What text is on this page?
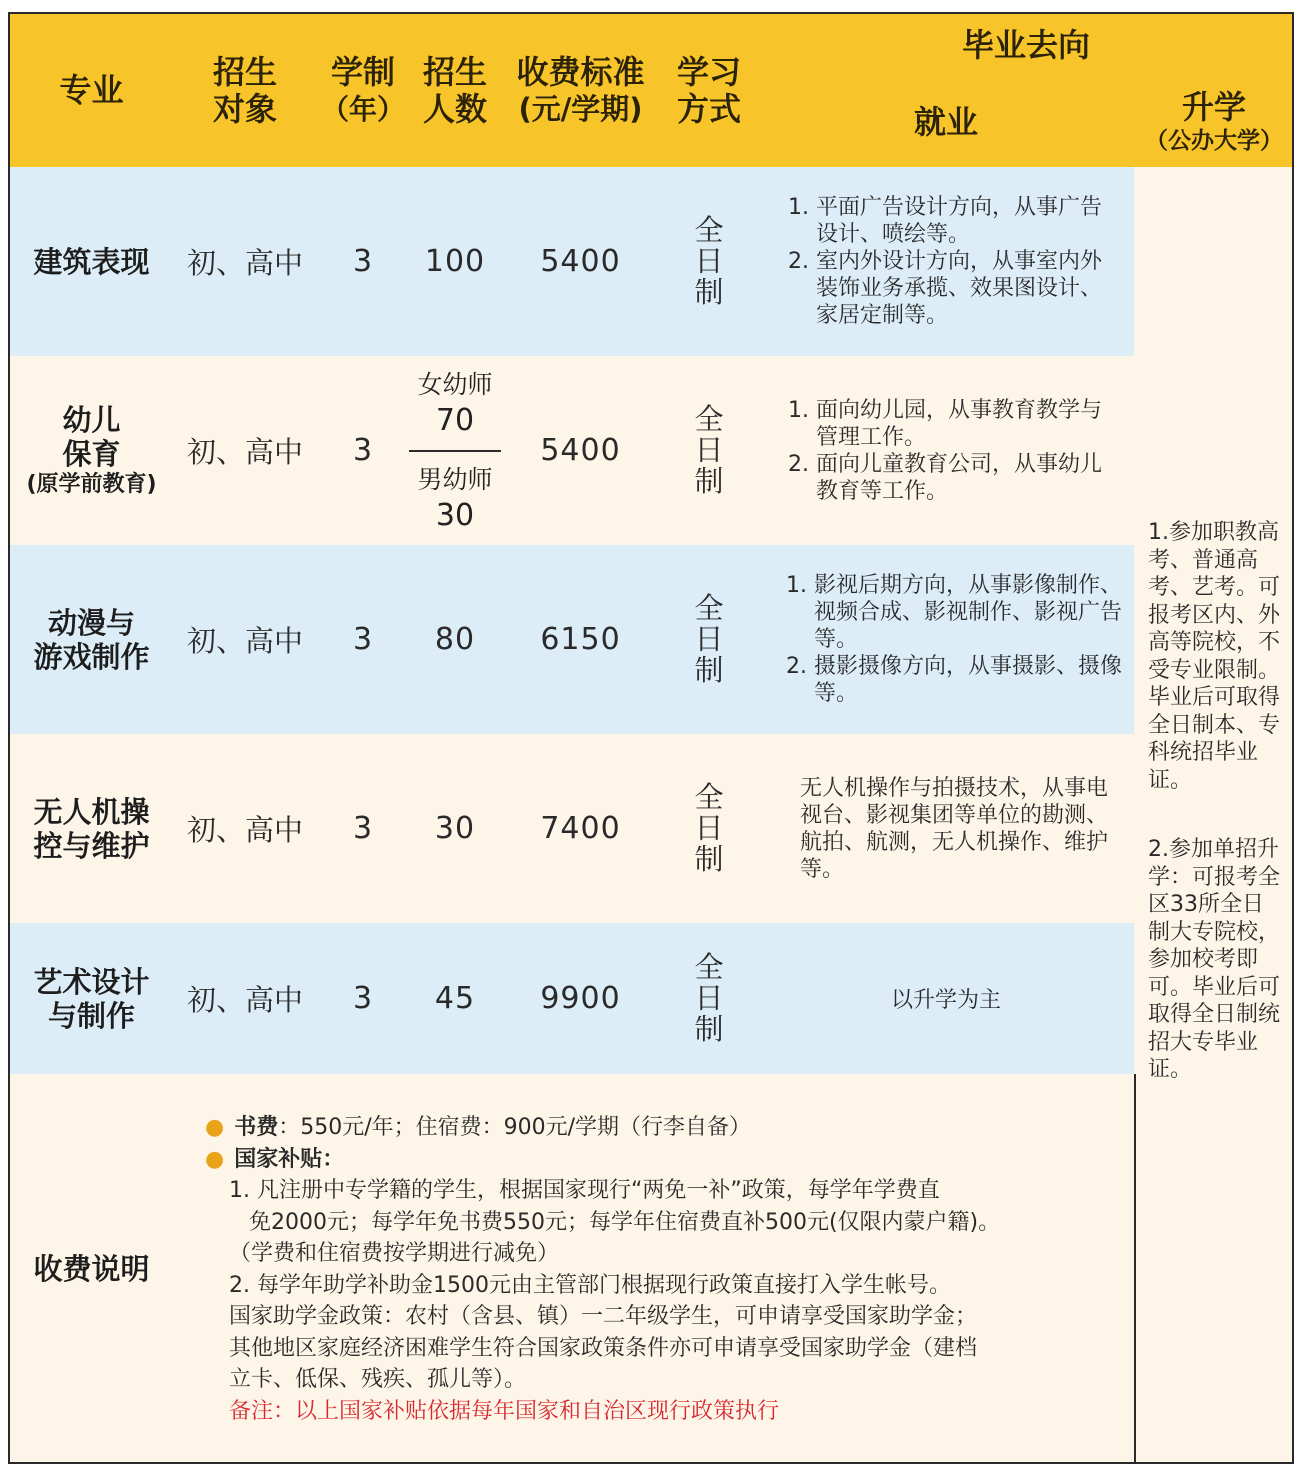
专业	招生
对象
学制
（年）
招生
人数
收费标准
(元/学期)
学习
方式
毕业去向
就业	升学
（公办大学）
建筑表现 初、高中 3 100 5400
全
日
制
1. 平面广告设计方向，从事广告设计、喷绘等。
2. 室内外设计方向，从事室内外装饰业务承揽、效果图设计、家居定制等。
幼儿
保育
(原学前教育)
初、高中 3
女幼师
70
男幼师
30
5400
全
日
制
1. 面向幼儿园，从事教育教学与管理工作。
2. 面向儿童教育公司，从事幼儿教育等工作。
动漫与
游戏制作 初、高中 3 80 6150
全
日
制
1. 影视后期方向，从事影像制作、视频合成、影视制作、影视广告等。
2. 摄影摄像方向，从事摄影、摄像等。
无人机操
控与维护 初、高中 3 30 7400
全
日
制
无人机操作与拍摄技术，从事电视台、影视集团等单位的勘测、航拍、航测，无人机操作、维护等。
艺术设计
与制作 初、高中 3 45 9900
全
日
制
以升学为主

1.参加职教高考、普通高考、艺考。可报考区内、外高等院校，不受专业限制。毕业后可取得全日制本、专科统招毕业证。

2.参加单招升学：可报考全区33所全日制大专院校，参加校考即可。毕业后可取得全日制统招大专毕业证。

收费说明
● 书费 ：550元/年；住宿费：900元/学期（行李自备）
● 国家补贴 ：
1. 凡注册中专学籍的学生，根据国家现行“两免一补”政策，每学年学费直
免2000元；每学年免书费550元；每学年住宿费直补500元(仅限内蒙户籍)。
（学费和住宿费按学期进行减免）
2. 每学年助学补助金1500元由主管部门根据现行政策直接打入学生帐号。
国家助学金政策：农村（含县、镇）一二年级学生，可申请享受国家助学金；
其他地区家庭经济困难学生符合国家政策条件亦可申请享受国家助学金（建档
立卡、低保、残疾、孤儿等）。
备注：以上国家补贴依据每年国家和自治区现行政策执行
